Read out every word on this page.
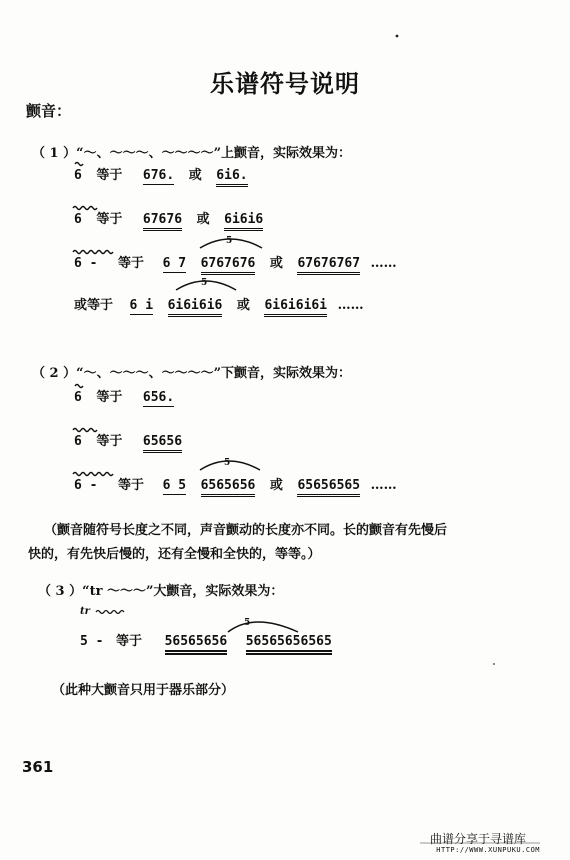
乐谱符号说明
颤音：
（ 1 ）“～、～～～、～～～～”上颤音，实际效果为：
6 等于 676. 或 6i6.
6 等于 67676 或 6i6i6
6 - 等于 6 7 6767676 或 67676767 ……
5
或等于 6 i 6i6i6i6 或 6i6i6i6i ……
5
（ 2 ）“～、～～～、～～～～”下颤音，实际效果为：
6 等于 656.
6 等于 65656
6 - 等于 6 5 6565656 或 65656565 ……
5
（颤音随符号长度之不同，声音颤动的长度亦不同。长的颤音有先慢后
快的，有先快后慢的，还有全慢和全快的，等等。）
（ 3 ）“tr ～～～”大颤音，实际效果为：
tr
5
5 - 等于 56565656 56565656565
（此种大颤音只用于器乐部分）
361
曲谱分享于寻谱库
HTTP://WWW.XUNPUKU.COM
